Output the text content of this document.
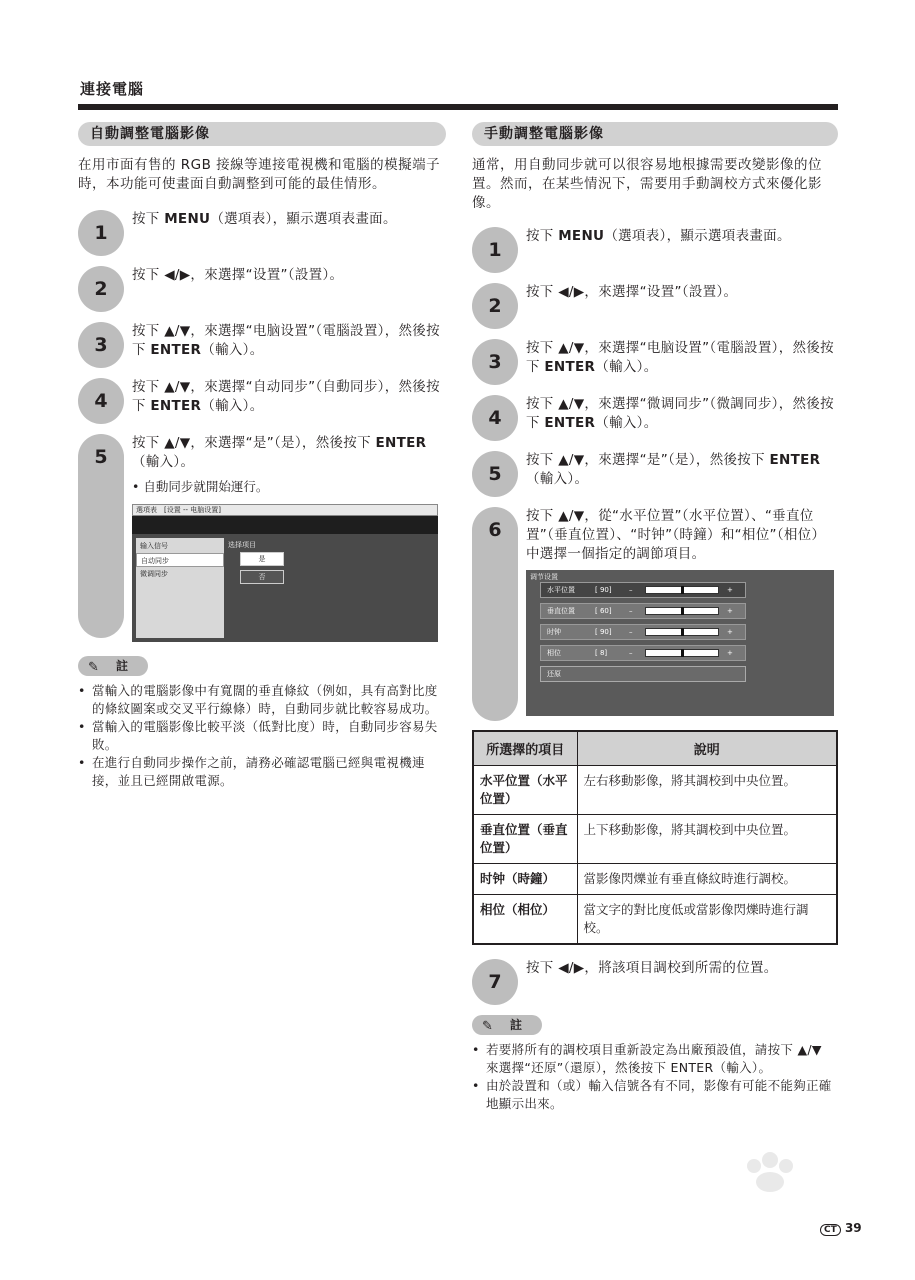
連接電腦
自動調整電腦影像
在用市面有售的 RGB 接線等連接電視機和電腦的模擬端子時，本功能可使畫面自動調整到可能的最佳情形。
1
按下 MENU（選項表），顯示選項表畫面。
2
按下 ◀/▶，來選擇“设置”（設置）。
3
按下 ▲/▼，來選擇“电脑设置”（電腦設置），然後按下 ENTER（輸入）。
4
按下 ▲/▼，來選擇“自动同步”（自動同步），然後按下 ENTER（輸入）。
5
按下 ▲/▼，來選擇“是”（是），然後按下 ENTER（輸入）。
• 自動同步就開始運行。
選項表　[设置 -- 电脑设置]
输入信号
自动同步
微调同步
选择项目
是
否
✎ 註
• 當輸入的電腦影像中有寬闊的垂直條紋（例如，具有高對比度的條紋圖案或交叉平行線條）時，自動同步就比較容易成功。
• 當輸入的電腦影像比較平淡（低對比度）時，自動同步容易失敗。
• 在進行自動同步操作之前，請務必確認電腦已經與電視機連接，並且已經開啟電源。
手動調整電腦影像
通常，用自動同步就可以很容易地根據需要改變影像的位置。然而，在某些情況下，需要用手動調校方式來優化影像。
1
按下 MENU（選項表），顯示選項表畫面。
2
按下 ◀/▶，來選擇“设置”（設置）。
3
按下 ▲/▼，來選擇“电脑设置”（電腦設置），然後按下 ENTER（輸入）。
4
按下 ▲/▼，來選擇“微调同步”（微調同步），然後按下 ENTER（輸入）。
5
按下 ▲/▼，來選擇“是”（是），然後按下 ENTER（輸入）。
6
按下 ▲/▼，從“水平位置”（水平位置）、“垂直位置”（垂直位置）、“时钟”（時鐘）和“相位”（相位）中選擇一個指定的調節項目。
调节设置
水平位置	[ 90] –	+
垂直位置	[ 60] –	+
时钟	[ 90] –	+
相位	[ 8]	–	+
还原
所選擇的項目	說明
水平位置（水平位置）	左右移動影像，將其調校到中央位置。
垂直位置（垂直位置）	上下移動影像，將其調校到中央位置。
时钟（時鐘）	當影像閃爍並有垂直條紋時進行調校。
相位（相位）	當文字的對比度低或當影像閃爍時進行調校。
7
按下 ◀/▶，將該項目調校到所需的位置。
✎ 註
• 若要將所有的調校項目重新設定為出廠預設值，請按下 ▲/▼ 來選擇“还原”（還原），然後按下 ENTER（輸入）。
• 由於設置和（或）輸入信號各有不同，影像有可能不能夠正確地顯示出來。
CT 39
